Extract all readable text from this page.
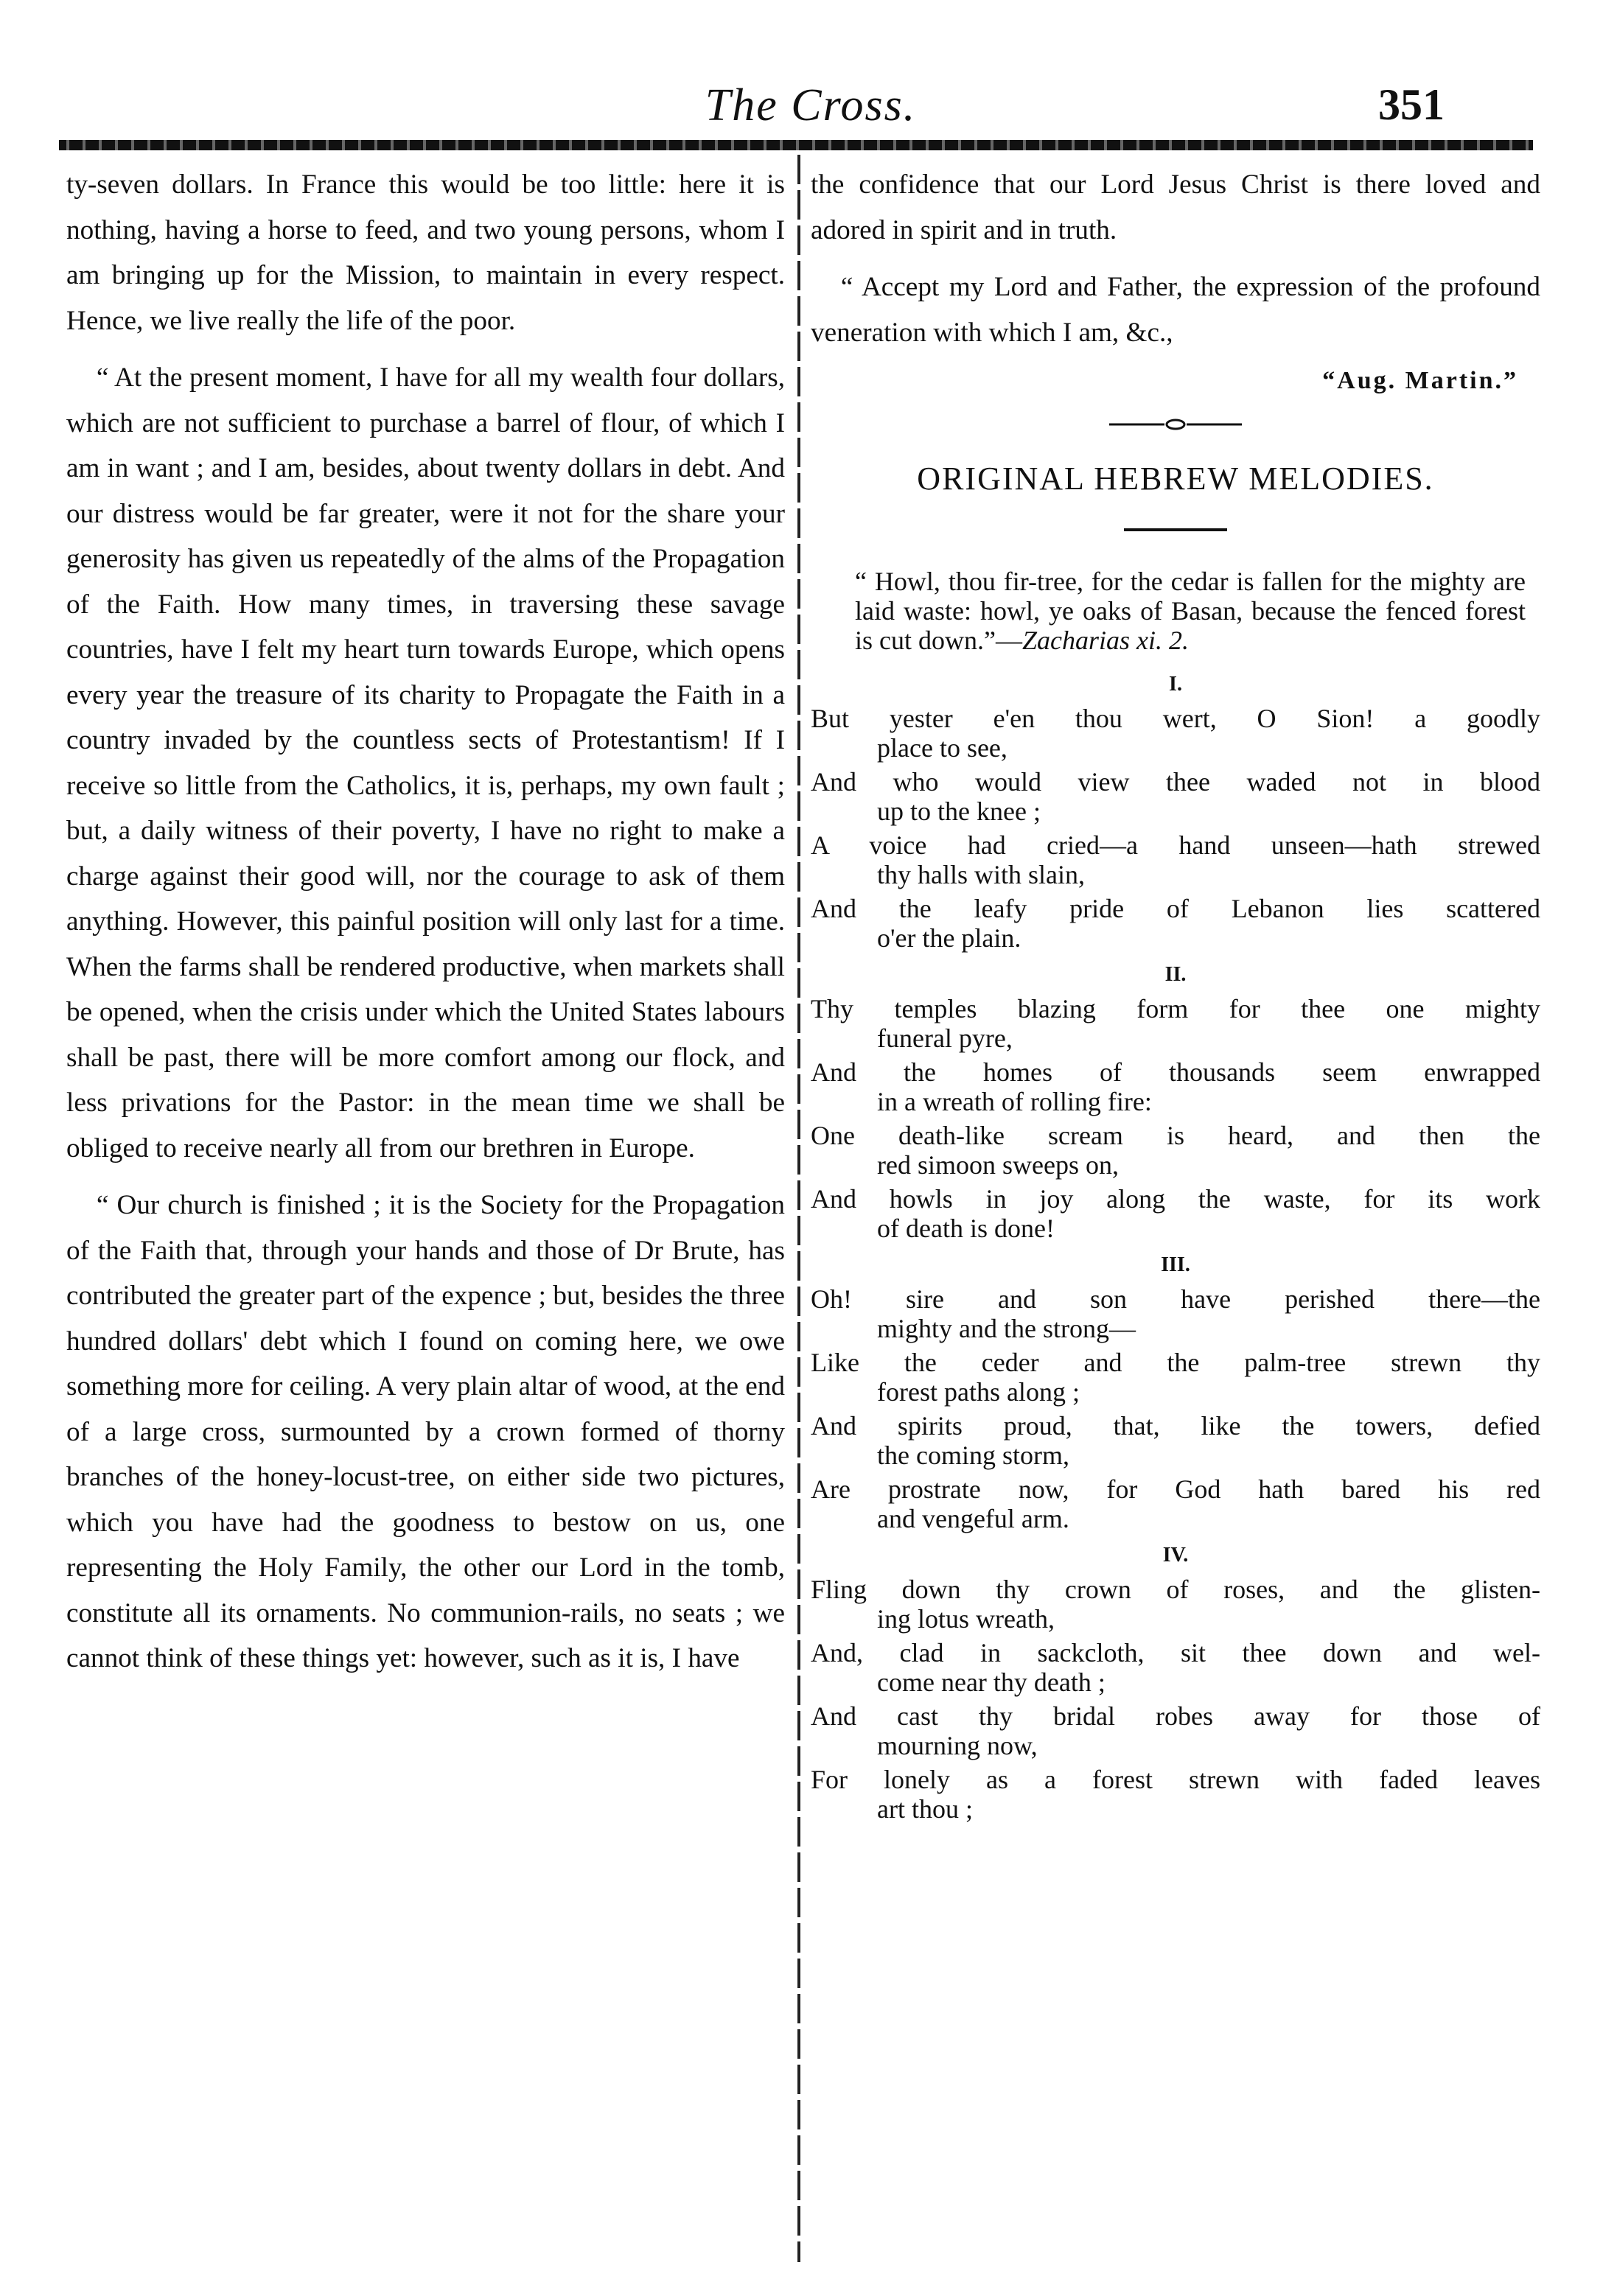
The Cross.	351

ty-seven dollars. In France this would be too little: here it is nothing, having a horse to feed, and two young persons, whom I am bringing up for the Mission, to maintain in every respect. Hence, we live really the life of the poor.

“ At the present moment, I have for all my wealth four dollars, which are not sufficient to purchase a barrel of flour, of which I am in want ; and I am, besides, about twenty dollars in debt. And our distress would be far greater, were it not for the share your generosity has given us repeatedly of the alms of the Propagation of the Faith. How many times, in traversing these savage countries, have I felt my heart turn towards Europe, which opens every year the treasure of its charity to Propagate the Faith in a country invaded by the countless sects of Protestantism! If I receive so little from the Catholics, it is, perhaps, my own fault ; but, a daily witness of their poverty, I have no right to make a charge against their good will, nor the courage to ask of them anything. However, this painful position will only last for a time. When the farms shall be rendered productive, when markets shall be opened, when the crisis under which the United States labours shall be past, there will be more comfort among our flock, and less privations for the Pastor: in the mean time we shall be obliged to receive nearly all from our brethren in Europe.

“ Our church is finished ; it is the Society for the Propagation of the Faith that, through your hands and those of Dr Brute, has contributed the greater part of the expence ; but, besides the three hundred dollars' debt which I found on coming here, we owe something more for ceiling. A very plain altar of wood, at the end of a large cross, surmounted by a crown formed of thorny branches of the honey-locust-tree, on either side two pictures, which you have had the goodness to bestow on us, one representing the Holy Family, the other our Lord in the tomb, constitute all its ornaments. No communion-rails, no seats ; we cannot think of these things yet: however, such as it is, I have

the confidence that our Lord Jesus Christ is there loved and adored in spirit and in truth.

“ Accept my Lord and Father, the expression of the profound veneration with which I am, &c.,

“Aug. Martin.”
ORIGINAL HEBREW MELODIES.
“ Howl, thou fir-tree, for the cedar is fallen for the mighty are laid waste: howl, ye oaks of Basan, because the fenced forest is cut down.”—Zacharias xi. 2.
I.
But yester e'en thou wert, O Sion! a goodly
place to see,
And who would view thee waded not in blood
up to the knee ;
A voice had cried—a hand unseen—hath strewed
thy halls with slain,
And the leafy pride of Lebanon lies scattered
o'er the plain.
II.
Thy temples blazing form for thee one mighty
funeral pyre,
And the homes of thousands seem enwrapped
in a wreath of rolling fire:
One death-like scream is heard, and then the
red simoon sweeps on,
And howls in joy along the waste, for its work
of death is done!
III.
Oh! sire and son have perished there—the
mighty and the strong—
Like the ceder and the palm-tree strewn thy
forest paths along ;
And spirits proud, that, like the towers, defied
the coming storm,
Are prostrate now, for God hath bared his red
and vengeful arm.
IV.
Fling down thy crown of roses, and the glisten-
ing lotus wreath,
And, clad in sackcloth, sit thee down and wel-
come near thy death ;
And cast thy bridal robes away for those of
mourning now,
For lonely as a forest strewn with faded leaves
art thou ;
